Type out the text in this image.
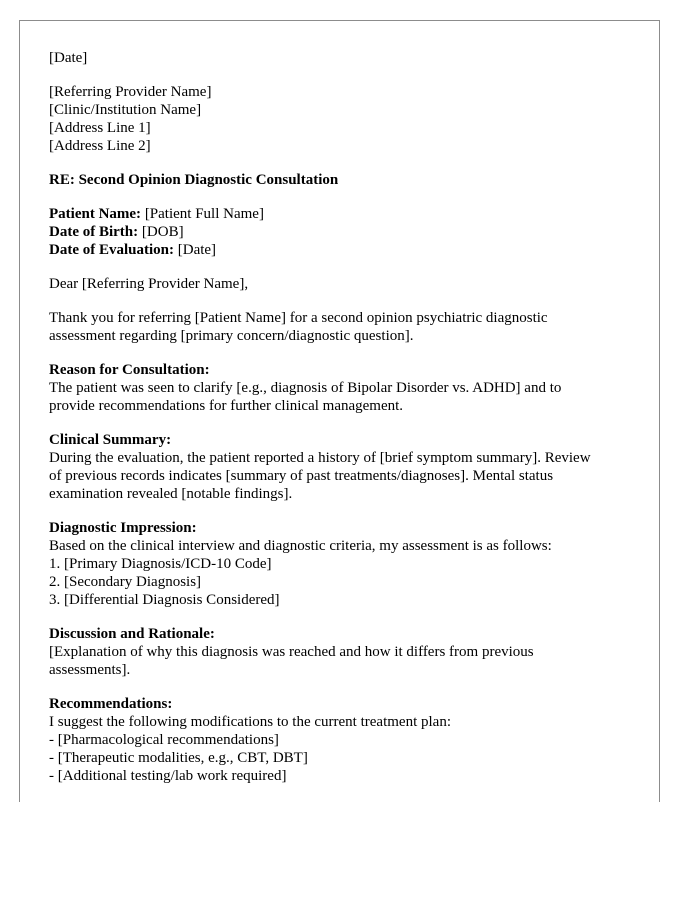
[Date]
[Referring Provider Name]
[Clinic/Institution Name]
[Address Line 1]
[Address Line 2]
RE: Second Opinion Diagnostic Consultation
Patient Name: [Patient Full Name]
Date of Birth: [DOB]
Date of Evaluation: [Date]
Dear [Referring Provider Name],
Thank you for referring [Patient Name] for a second opinion psychiatric diagnostic
assessment regarding [primary concern/diagnostic question].
Reason for Consultation:
The patient was seen to clarify [e.g., diagnosis of Bipolar Disorder vs. ADHD] and to
provide recommendations for further clinical management.
Clinical Summary:
During the evaluation, the patient reported a history of [brief symptom summary]. Review
of previous records indicates [summary of past treatments/diagnoses]. Mental status
examination revealed [notable findings].
Diagnostic Impression:
Based on the clinical interview and diagnostic criteria, my assessment is as follows:
1. [Primary Diagnosis/ICD-10 Code]
2. [Secondary Diagnosis]
3. [Differential Diagnosis Considered]
Discussion and Rationale:
[Explanation of why this diagnosis was reached and how it differs from previous
assessments].
Recommendations:
I suggest the following modifications to the current treatment plan:
- [Pharmacological recommendations]
- [Therapeutic modalities, e.g., CBT, DBT]
- [Additional testing/lab work required]
